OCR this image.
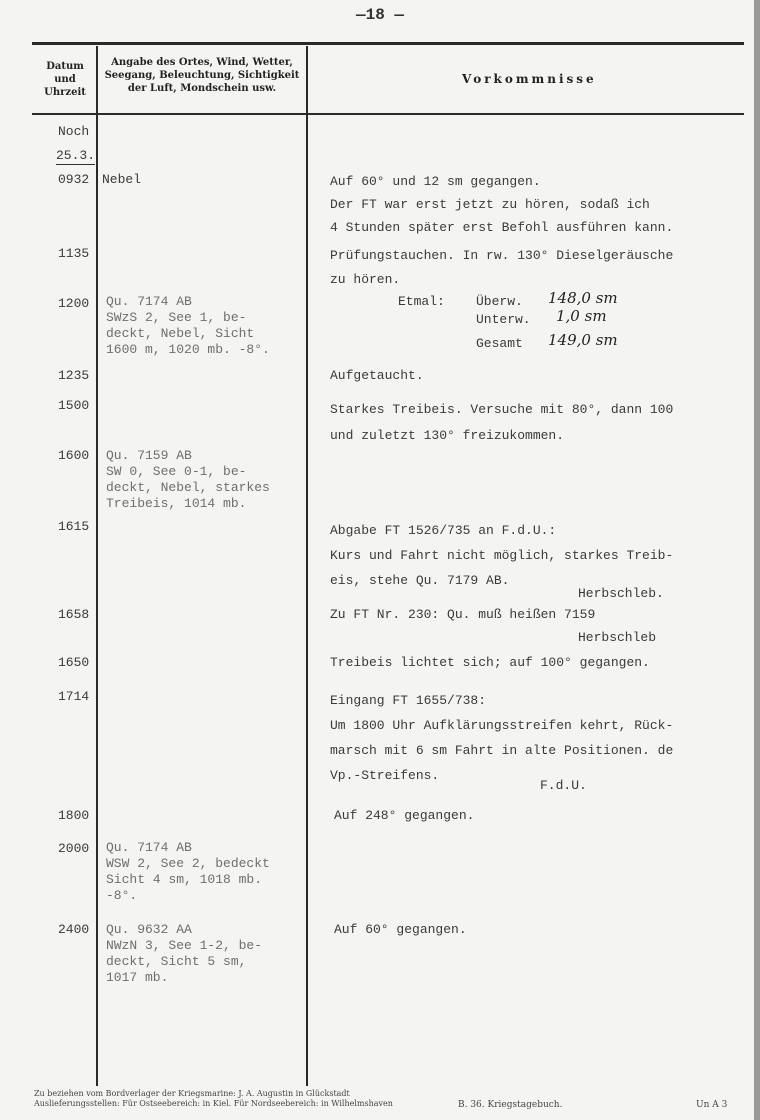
—18 —
Datum
und
Uhrzeit
Angabe des Ortes, Wind, Wetter,
Seegang, Beleuchtung, Sichtigkeit
der Luft, Mondschein usw.
Vorkommnisse
Noch
25.3.
0932
1135
1200
1235
1500
1600
1615
1658
1650
1714
1800
2000
2400
Nebel
Qu. 7174 AB
SWzS 2, See 1, be-
deckt, Nebel, Sicht
1600 m, 1020 mb. -8°.
Qu. 7159 AB
SW 0, See 0-1, be-
deckt, Nebel, starkes
Treibeis, 1014 mb.
Qu. 7174 AB
WSW 2, See 2, bedeckt
Sicht 4 sm, 1018 mb.
-8°.
Qu. 9632 AA
NWzN 3, See 1-2, be-
deckt, Sicht 5 sm,
1017 mb.
Auf 60° und 12 sm gegangen.
Der FT war erst jetzt zu hören, sodaß ich
4 Stunden später erst Befohl ausführen kann.
Prüfungstauchen. In rw. 130° Dieselgeräusche
zu hören.
Etmal: Überw. 148,0 sm
Unterw. 1,0 sm
Gesamt 149,0 sm
Aufgetaucht.
Starkes Treibeis. Versuche mit 80°, dann 100
und zuletzt 130° freizukommen.
Abgabe FT 1526/735 an F.d.U.:
Kurs und Fahrt nicht möglich, starkes Treib-
eis, stehe Qu. 7179 AB.
Herbschleb.
Zu FT Nr. 230: Qu. muß heißen 7159
Herbschleb
Treibeis lichtet sich; auf 100° gegangen.
Eingang FT 1655/738:
Um 1800 Uhr Aufklärungsstreifen kehrt, Rück-
marsch mit 6 sm Fahrt in alte Positionen. de
Vp.-Streifens.
F.d.U.
Auf 248° gegangen.
Auf 60° gegangen.
Zu beziehen vom Bordverlager der Kriegsmarine: J. A. Augustin in Glückstadt
Auslieferungsstellen: Für Ostseebereich: in Kiel. Für Nordseebereich: in Wilhelmshaven	B. 36. Kriegstagebuch.	Un A 3
